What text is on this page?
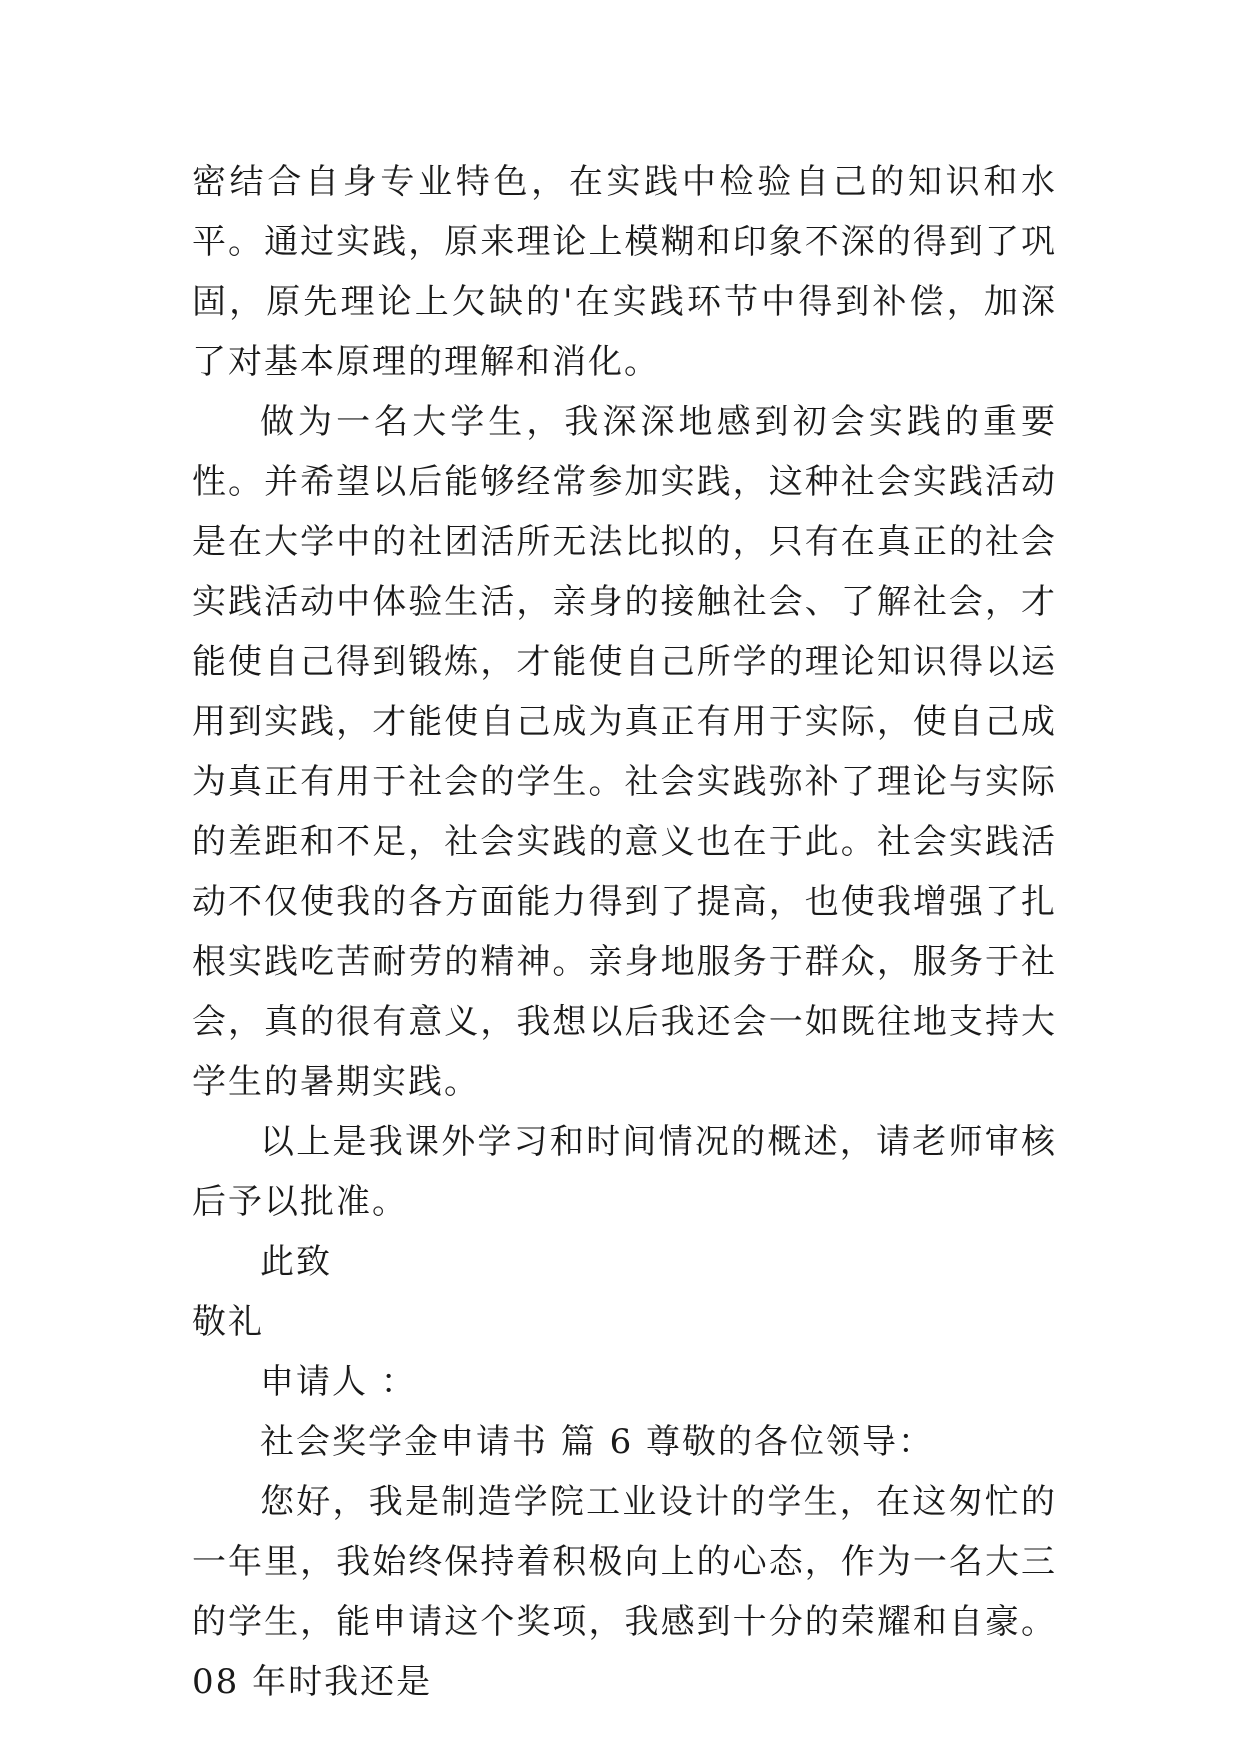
密结合自身专业特色，在实践中检验自己的知识和水平。通过实践，原来理论上模糊和印象不深的得到了巩固，原先理论上欠缺的'在实践环节中得到补偿，加深了对基本原理的理解和消化。

做为一名大学生，我深深地感到初会实践的重要性。并希望以后能够经常参加实践，这种社会实践活动是在大学中的社团活所无法比拟的，只有在真正的社会实践活动中体验生活，亲身的接触社会、了解社会，才能使自己得到锻炼，才能使自己所学的理论知识得以运用到实践，才能使自己成为真正有用于实际，使自己成为真正有用于社会的学生。社会实践弥补了理论与实际的差距和不足，社会实践的意义也在于此。社会实践活动不仅使我的各方面能力得到了提高，也使我增强了扎根实践吃苦耐劳的精神。亲身地服务于群众，服务于社会，真的很有意义，我想以后我还会一如既往地支持大学生的暑期实践。

以上是我课外学习和时间情况的概述，请老师审核后予以批准。

此致

敬礼

申请人 ：

社会奖学金申请书 篇 6 尊敬的各位领导：

您好，我是制造学院工业设计的学生，在这匆忙的一年里，我始终保持着积极向上的心态，作为一名大三的学生，能申请这个奖项，我感到十分的荣耀和自豪。08 年时我还是
